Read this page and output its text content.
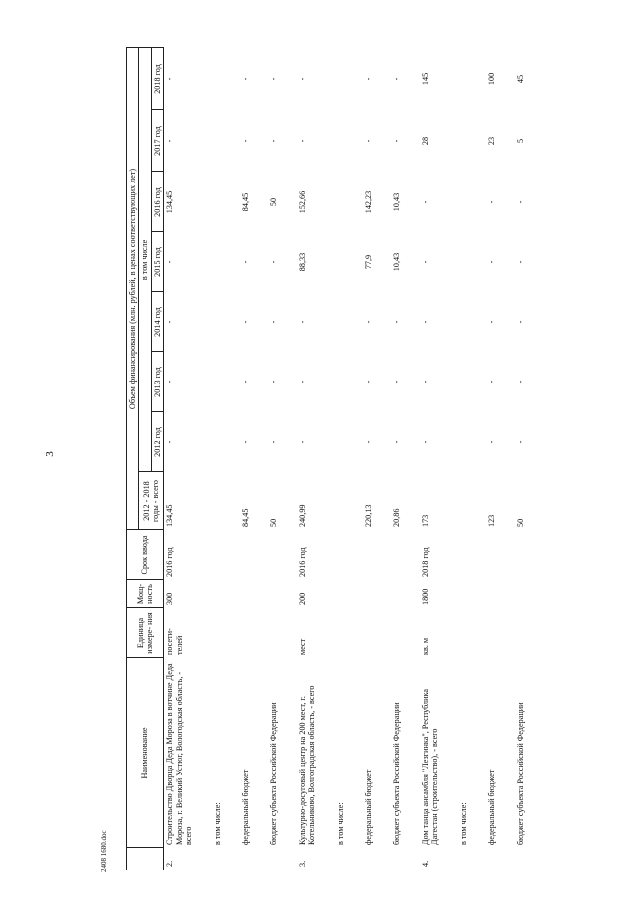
3
	Наименование	Единица измере- ния	Мощ- ность	Срок ввода	Объем финансирования (млн. рублей, в ценах соответствующих лет)							
					2012 - 2018 годы - всего	в том числе						
						2012 год	2013 год	2014 год	2015 год	2016 год	2017 год	2018 год
2.	Строительство Дворца Деда Мороза в вотчине Деда Мороза, г. Великий Устюг, Вологодская область, - всего	посети- телей	300	2016 год	134,45	-	-	-	-	134,45	-	-
	в том числе:											
	федеральный бюджет				84,45	-	-	-	-	84,45	-	-
	бюджет субъекта Российской Федерации				50	-	-	-	-	50	-	-
3.	Культурно-досуговый центр на 200 мест, г. Котельниково, Волгоградская область, - всего	мест	200	2016 год	240,99	-	-	-	88,33	152,66	-	-
	в том числе:											
	федеральный бюджет				220,13	-	-	-	77,9	142,23	-	-
	бюджет субъекта Российской Федерации				20,86	-	-	-	10,43	10,43	-	-
4.	Дом танца ансамбля "Лезгинка", Республика Дагестан (строительство), - всего	кв. м	1800	2018 год	173	-	-	-	-	-	28	145
	в том числе:											
	федеральный бюджет				123	-	-	-	-	-	23	100
	бюджет субъекта Российской Федерации				50	-	-	-	-	-	5	45
2408 1680.doc
